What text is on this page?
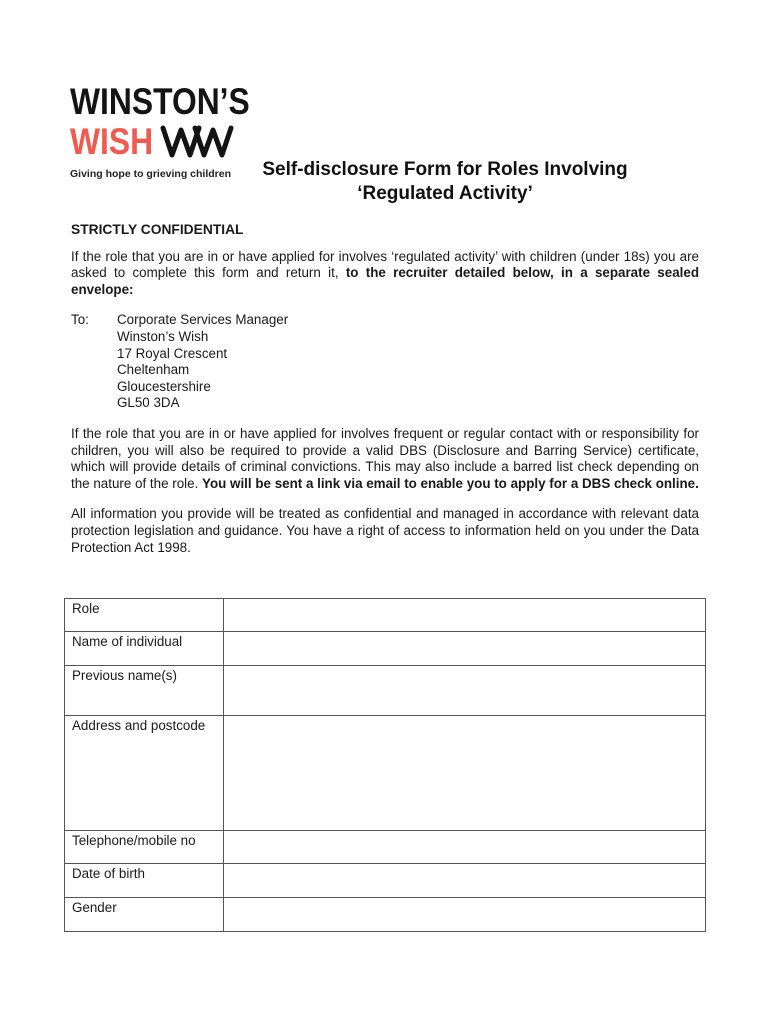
WINSTON’S
WISH
Giving hope to grieving children	Self-disclosure Form for Roles Involving
‘Regulated Activity’
STRICTLY CONFIDENTIAL

If the role that you are in or have applied for involves ‘regulated activity’ with children (under 18s) you are asked to complete this form and return it, to the recruiter detailed below, in a separate sealed envelope:

To:	Corporate Services Manager
Winston’s Wish
17 Royal Crescent
Cheltenham
Gloucestershire
GL50 3DA

If the role that you are in or have applied for involves frequent or regular contact with or responsibility for children, you will also be required to provide a valid DBS (Disclosure and Barring Service) certificate, which will provide details of criminal convictions. This may also include a barred list check depending on the nature of the role. You will be sent a link via email to enable you to apply for a DBS check online.

All information you provide will be treated as confidential and managed in accordance with relevant data protection legislation and guidance. You have a right of access to information held on you under the Data Protection Act 1998.

Role	
Name of individual	
Previous name(s)	
Address and postcode	
Telephone/mobile no	
Date of birth	
Gender	
